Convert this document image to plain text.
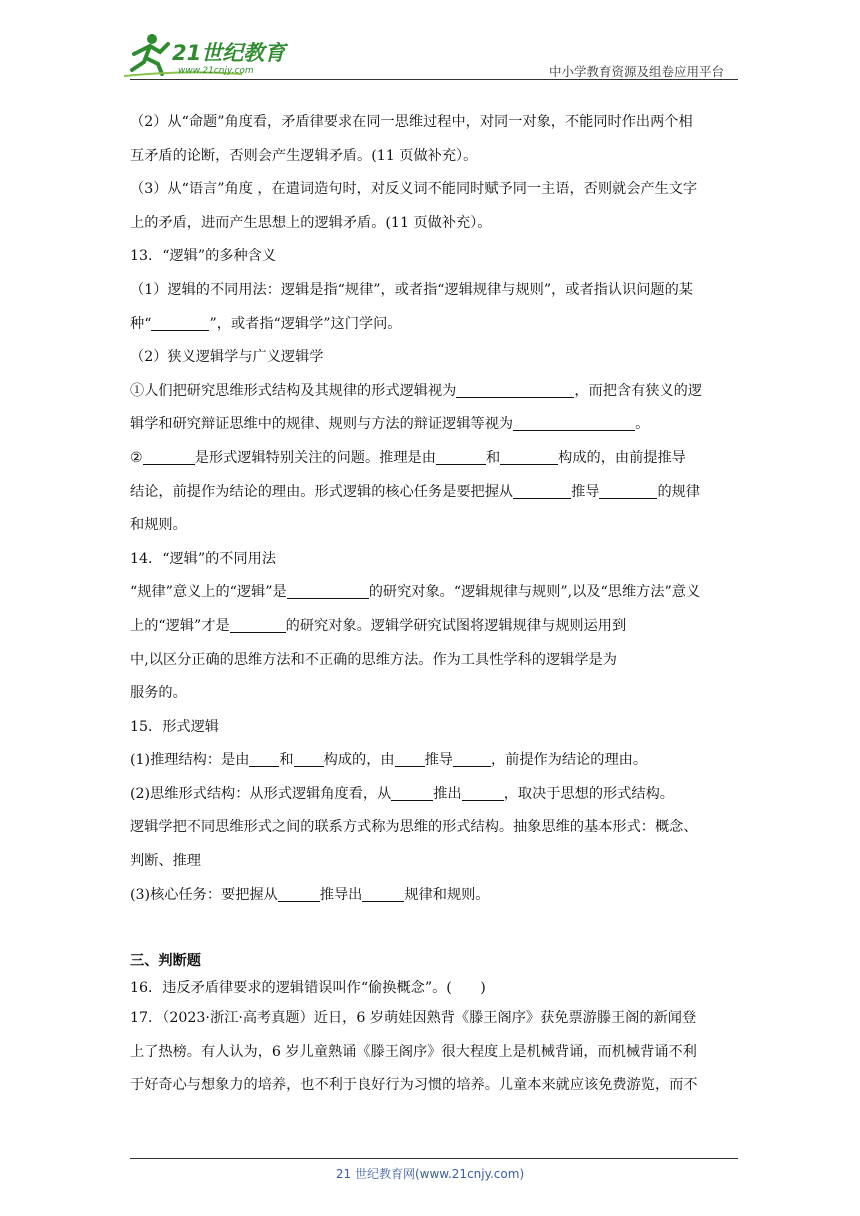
21世纪教育
www.21cnjy.com	中小学教育资源及组卷应用平台
（2）从“命题”角度看，矛盾律要求在同一思维过程中，对同一对象，不能同时作出两个相
互矛盾的论断，否则会产生逻辑矛盾。(11 页做补充）。
（3）从“语言”角度 ，在遣词造句时，对反义词不能同时赋予同一主语，否则就会产生文字
上的矛盾，进而产生思想上的逻辑矛盾。(11 页做补充）。
13．“逻辑”的多种含义
（1）逻辑的不同用法：逻辑是指“规律”，或者指“逻辑规律与规则”，或者指认识问题的某
种“	”，或者指“逻辑学”这门学问。
（2）狭义逻辑学与广义逻辑学
①人们把研究思维形式结构及其规律的形式逻辑视为	，而把含有狭义的逻
辑学和研究辩证思维中的规律、规则与方法的辩证逻辑等视为	。
②	是形式逻辑特别关注的问题。推理是由	和	构成的，由前提推导
结论，前提作为结论的理由。形式逻辑的核心任务是要把握从	推导	的规律
和规则。
14．“逻辑”的不同用法
“规律”意义上的“逻辑”是	的研究对象。“逻辑规律与规则”,以及“思维方法”意义
上的“逻辑”才是	的研究对象。逻辑学研究试图将逻辑规律与规则运用到
中,以区分正确的思维方法和不正确的思维方法。作为工具性学科的逻辑学是为
服务的。
15．形式逻辑
(1)推理结构：是由 和 构成的，由 推导	，前提作为结论的理由。
(2)思维形式结构：从形式逻辑角度看，从	推出	，取决于思想的形式结构。
逻辑学把不同思维形式之间的联系方式称为思维的形式结构。抽象思维的基本形式：概念、
判断、推理
(3)核心任务：要把握从	推导出	规律和规则。
三、判断题
16．违反矛盾律要求的逻辑错误叫作“偷换概念”。(　　)
17．（2023·浙江·高考真题）近日，6 岁萌娃因熟背《滕王阁序》获免票游滕王阁的新闻登
上了热榜。有人认为，6 岁儿童熟诵《滕王阁序》很大程度上是机械背诵，而机械背诵不利
于好奇心与想象力的培养，也不利于良好行为习惯的培养。儿童本来就应该免费游览，而不
21 世纪教育网(www.21cnjy.com)
